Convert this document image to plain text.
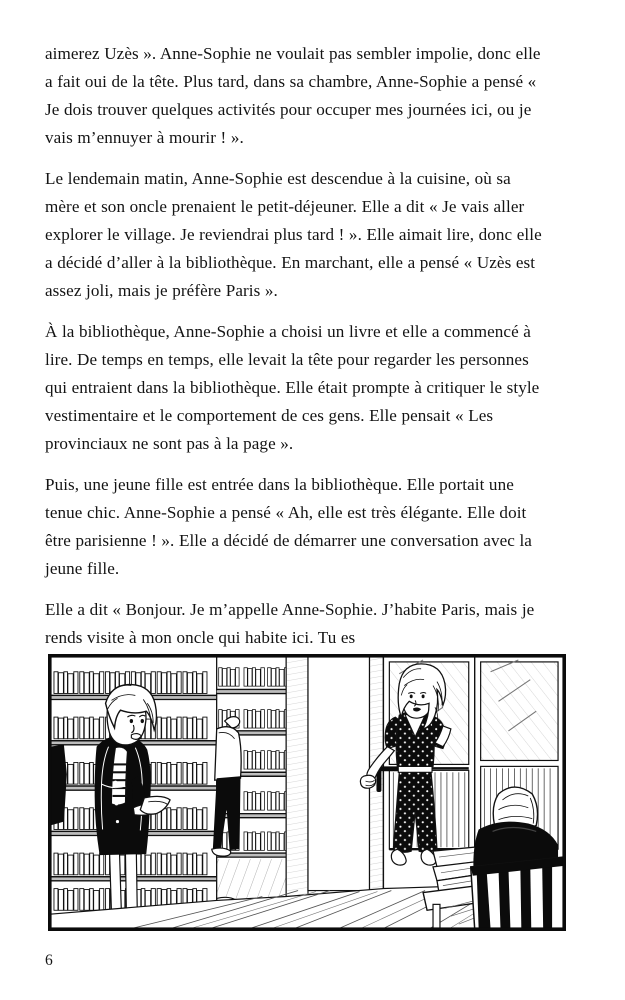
aimerez Uzès ». Anne-Sophie ne voulait pas sembler impolie, donc elle a fait oui de la tête. Plus tard, dans sa chambre, Anne-Sophie a pensé « Je dois trouver quelques activités pour occuper mes journées ici, ou je vais m’ennuyer à mourir ! ».

Le lendemain matin, Anne-Sophie est descendue à la cuisine, où sa mère et son oncle prenaient le petit-déjeuner. Elle a dit « Je vais aller explorer le village. Je reviendrai plus tard ! ». Elle aimait lire, donc elle a décidé d’aller à la bibliothèque. En marchant, elle a pensé « Uzès est assez joli, mais je préfère Paris ».

À la bibliothèque, Anne-Sophie a choisi un livre et elle a commencé à lire. De temps en temps, elle levait la tête pour regarder les personnes qui entraient dans la bibliothèque. Elle était prompte à critiquer le style vestimentaire et le comportement de ces gens. Elle pensait « Les provinciaux ne sont pas à la page ».

Puis, une jeune fille est entrée dans la bibliothèque. Elle portait une tenue chic. Anne-Sophie a pensé « Ah, elle est très élégante. Elle doit être parisienne ! ». Elle a décidé de démarrer une conversation avec la jeune fille.

Elle a dit « Bonjour. Je m’appelle Anne-Sophie. J’habite Paris, mais je rends visite à mon oncle qui habite ici. Tu es

6
